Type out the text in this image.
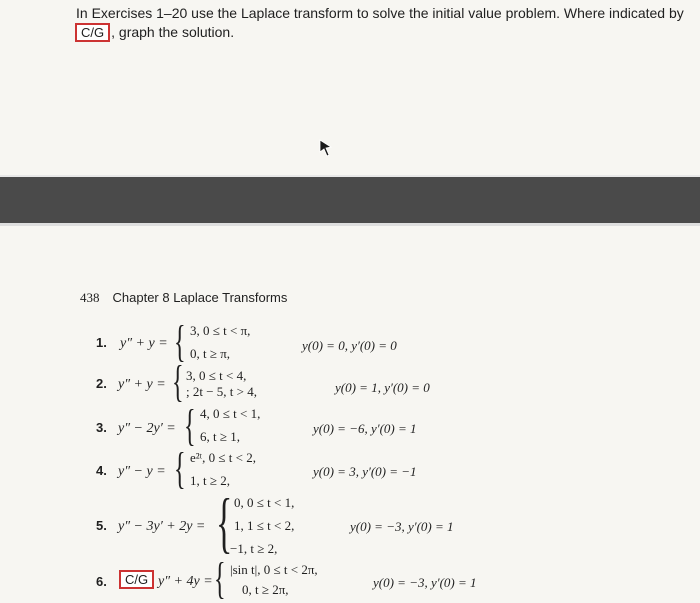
In Exercises 1–20 use the Laplace transform to solve the initial value problem. Where indicated by
C/G , graph the solution.
438 Chapter 8 Laplace Transforms
1. y″ + y = { 3, 0 ≤ t < π,
0, t ≥ π,
y(0) = 0, y′(0) = 0
2. y″ + y = { 3, 0 ≤ t < 4,
; 2t − 5, t > 4,	y(0) = 1, y′(0) = 0
3. y″ − 2y′ = { 4, 0 ≤ t < 1,
6, t ≥ 1,
y(0) = −6, y′(0) = 1
4. y″ − y = { e²ᵗ, 0 ≤ t < 2,
1, t ≥ 2,
y(0) = 3, y′(0) = −1
5. y″ − 3y′ + 2y = { 0, 0 ≤ t < 1,
1, 1 ≤ t < 2,
−1, t ≥ 2,
y(0) = −3, y′(0) = 1
6.	C/G y″ + 4y = { |sin t|, 0 ≤ t < 2π,
0, t ≥ 2π,	y(0) = −3, y′(0) = 1
